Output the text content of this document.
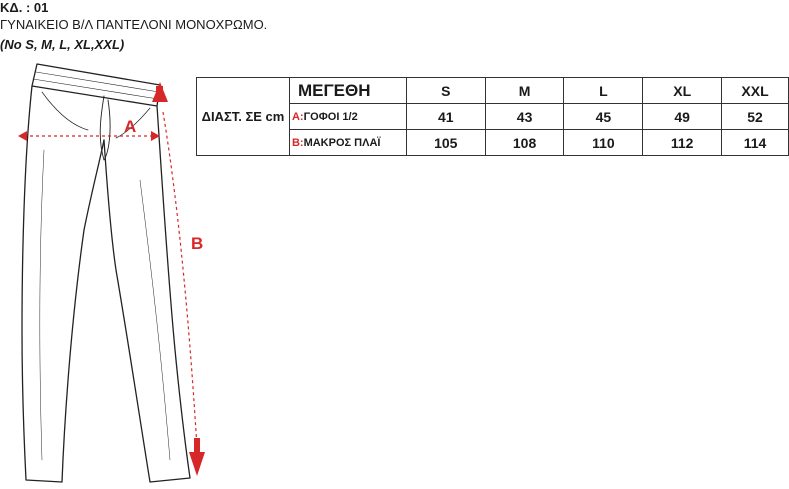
ΚΔ. : 01
ΓΥΝΑΙΚΕΙΟ Β/Λ ΠΑΝΤΕΛΟΝΙ ΜΟΝΟΧΡΩΜΟ.
(No S, M, L, XL,XXL)
A
B
ΔΙΑΣΤ. ΣΕ cm	ΜΕΓΕΘΗ	S	M	L	XL	XXL
	A:ΓΟΦΟΙ 1/2	41	43	45	49	52
	B:ΜΑΚΡΟΣ ΠΛΑΪ	105	108	110	112	114
